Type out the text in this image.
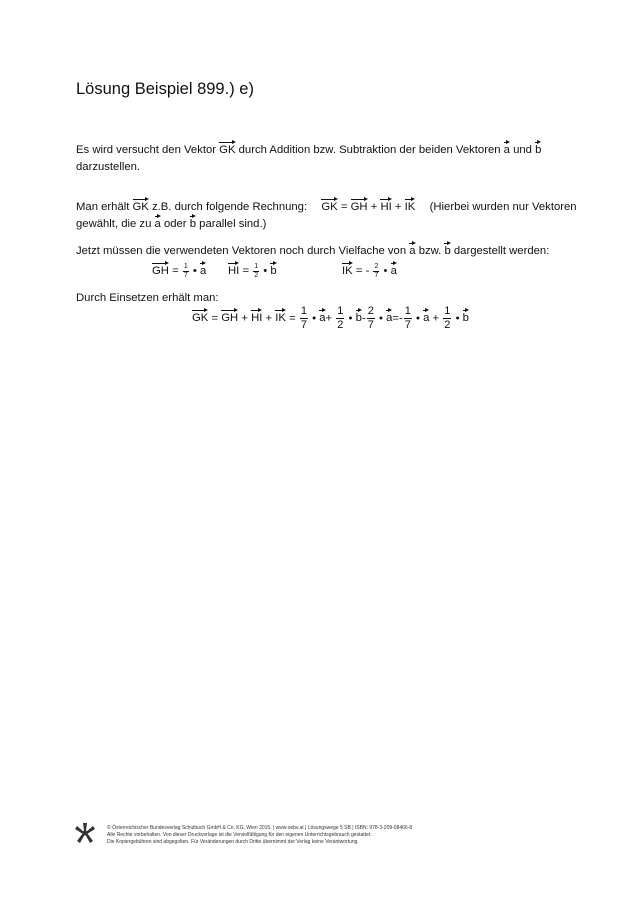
Lösung Beispiel 899.) e)
Es wird versucht den Vektor GK durch Addition bzw. Subtraktion der beiden Vektoren a und b
darzustellen.
Man erhält GK z.B. durch folgende Rechnung: GK = GH + HI + IK (Hierbei wurden nur Vektoren
gewählt, die zu a oder b parallel sind.)
Jetzt müssen die verwendeten Vektoren noch durch Vielfache von a bzw. b dargestellt werden:
GH = $\frac{1}{7}$ • a HI = $\frac{1}{2}$ • b	IK = - $\frac{2}{7}$ • a
Durch Einsetzen erhält man:
GK = GH + HI + IK = $\frac{1}{7}$ • $a+ \frac{1}{2}$ • $b- \frac{2}{7}$ • $a=- \frac{1}{7}$ • $a + \frac{1}{2}$ • b
© Österreichischer Bundesverlag Schulbuch GmbH & Co. KG, Wien 2015. | www.oebv.at | Lösungswege 5 SB | ISBN: 978-3-209-08466-8
Alle Rechte vorbehalten. Von dieser Druckvorlage ist die Vervielfältigung für den eigenen Unterrichtsgebrauch gestattet.
Die Kopiergebühren sind abgegolten. Für Veränderungen durch Dritte übernimmt der Verlag keine Verantwortung.
